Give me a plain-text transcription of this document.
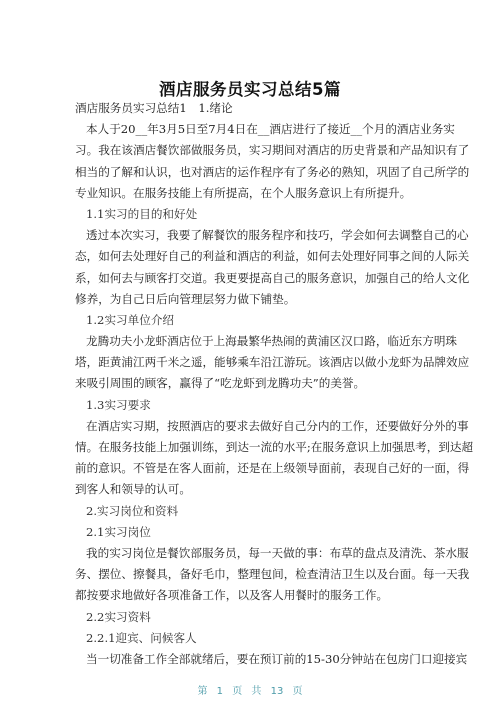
酒店服务员实习总结5篇
酒店服务员实习总结1　1.绪论
本人于20__年3月5日至7月4日在__酒店进行了接近__个月的酒店业务实
习。我在该酒店餐饮部做服务员，实习期间对酒店的历史背景和产品知识有了
相当的了解和认识，也对酒店的运作程序有了务必的熟知，巩固了自己所学的
专业知识。在服务技能上有所提高，在个人服务意识上有所提升。
1.1实习的目的和好处
透过本次实习，我要了解餐饮的服务程序和技巧，学会如何去调整自己的心
态，如何去处理好自己的利益和酒店的利益，如何去处理好同事之间的人际关
系，如何去与顾客打交道。我更要提高自己的服务意识，加强自己的给人文化
修养，为自己日后向管理层努力做下铺垫。
1.2实习单位介绍
龙腾功夫小龙虾酒店位于上海最繁华热闹的黄浦区汉口路，临近东方明珠
塔，距黄浦江两千米之遥，能够乘车沿江游玩。该酒店以做小龙虾为品牌效应
来吸引周围的顾客，赢得了“吃龙虾到龙腾功夫”的美誉。
1.3实习要求
在酒店实习期，按照酒店的要求去做好自己分内的工作，还要做好分外的事
情。在服务技能上加强训练，到达一流的水平;在服务意识上加强思考，到达超
前的意识。不管是在客人面前，还是在上级领导面前，表现自己好的一面，得
到客人和领导的认可。
2.实习岗位和资料
2.1实习岗位
我的实习岗位是餐饮部服务员，每一天做的事：布草的盘点及清洗、茶水服
务、摆位、擦餐具，备好毛巾，整理包间，检查清洁卫生以及台面。每一天我
都按要求地做好各项准备工作，以及客人用餐时的服务工作。
2.2实习资料
2.2.1迎宾、问候客人
当一切准备工作全部就绪后，要在预订前的15-30分钟站在包房门口迎接宾
第 1 页 共 13 页
